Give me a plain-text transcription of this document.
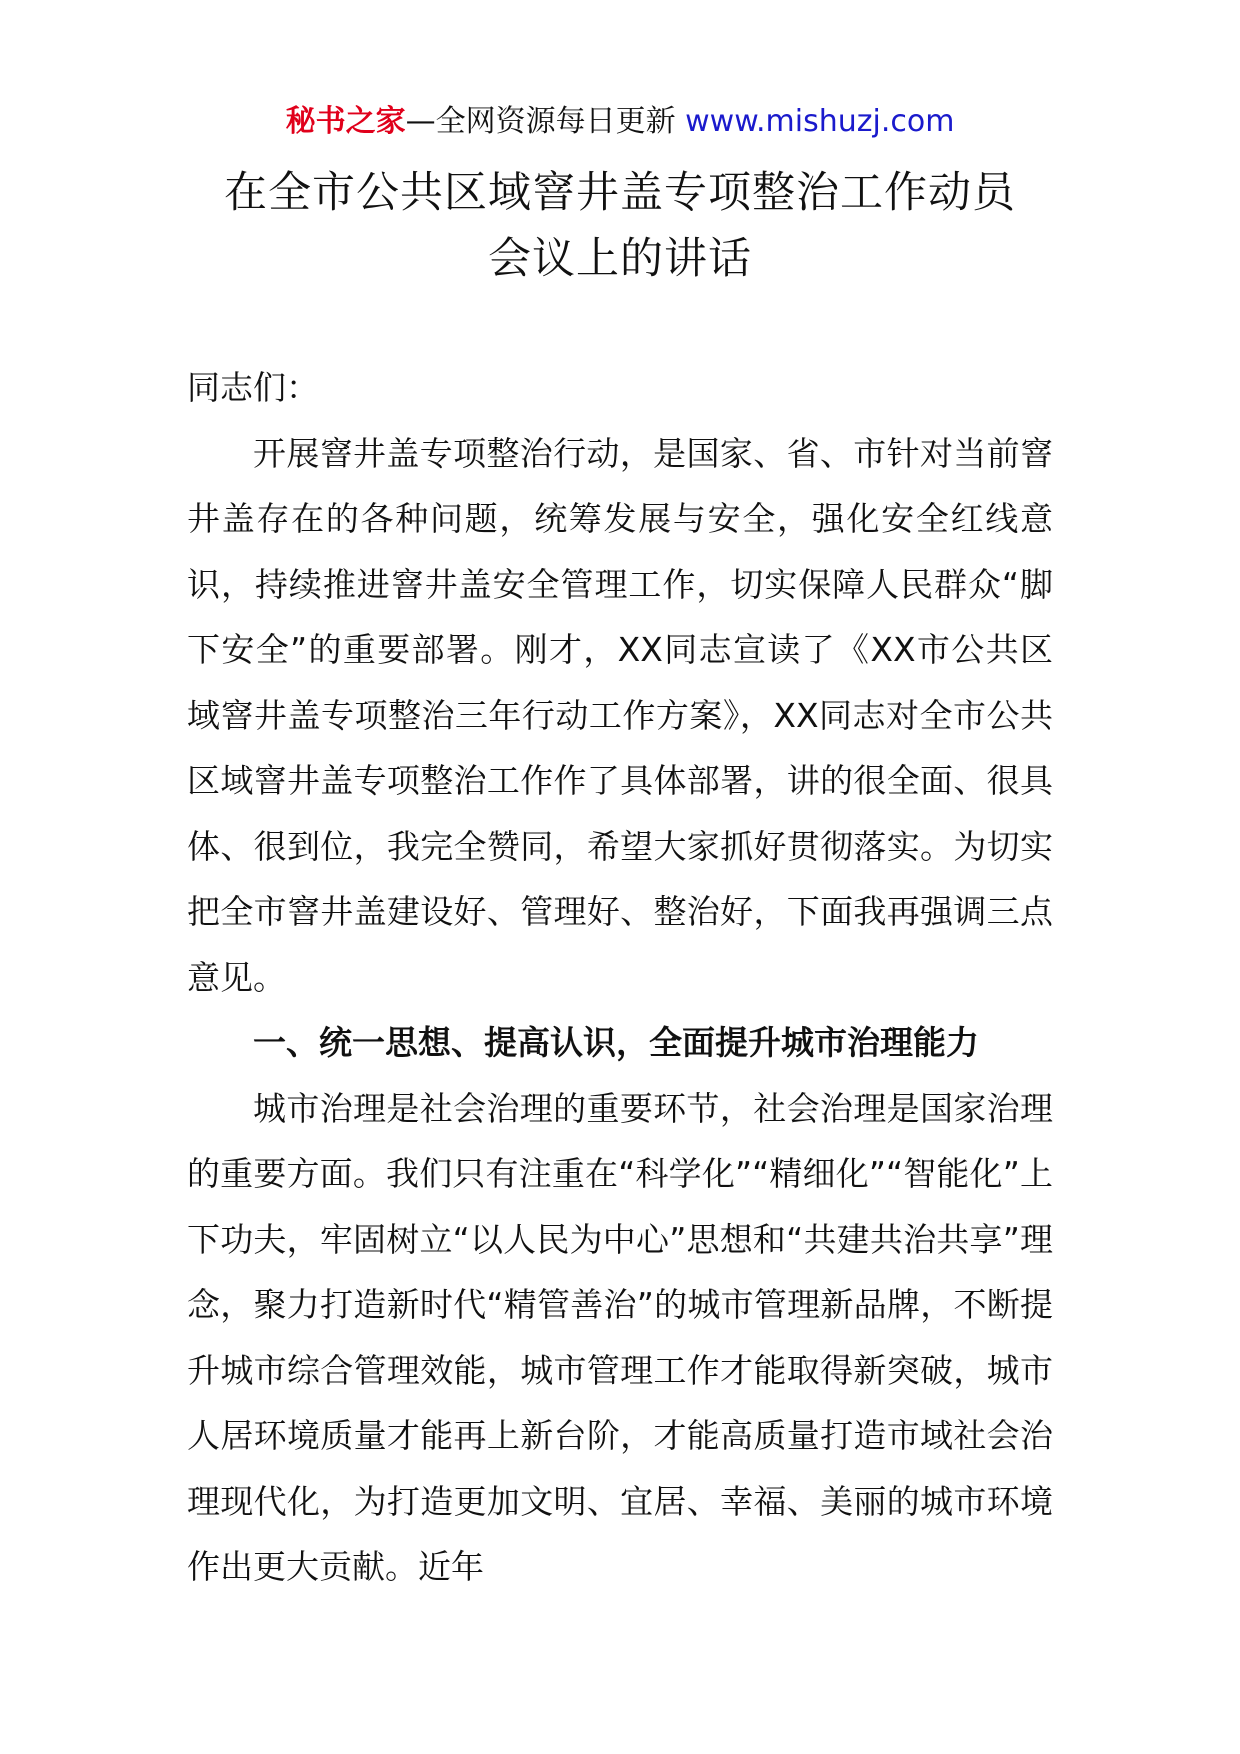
秘书之家—全网资源每日更新 www.mishuzj.com
在全市公共区域窨井盖专项整治工作动员
会议上的讲话

同志们：

开展窨井盖专项整治行动，是国家、省、市针对当前窨井盖存在的各种问题，统筹发展与安全，强化安全红线意识，持续推进窨井盖安全管理工作，切实保障人民群众“脚下安全”的重要部署。刚才，XX同志宣读了《XX市公共区域窨井盖专项整治三年行动工作方案》，XX同志对全市公共区域窨井盖专项整治工作作了具体部署，讲的很全面、很具体、很到位，我完全赞同，希望大家抓好贯彻落实。为切实把全市窨井盖建设好、管理好、整治好，下面我再强调三点意见。

一、统一思想、提高认识，全面提升城市治理能力

城市治理是社会治理的重要环节，社会治理是国家治理的重要方面。我们只有注重在“科学化”“精细化”“智能化”上下功夫，牢固树立“以人民为中心”思想和“共建共治共享”理念，聚力打造新时代“精管善治”的城市管理新品牌，不断提升城市综合管理效能，城市管理工作才能取得新突破，城市人居环境质量才能再上新台阶，才能高质量打造市域社会治理现代化，为打造更加文明、宜居、幸福、美丽的城市环境作出更大贡献。近年
